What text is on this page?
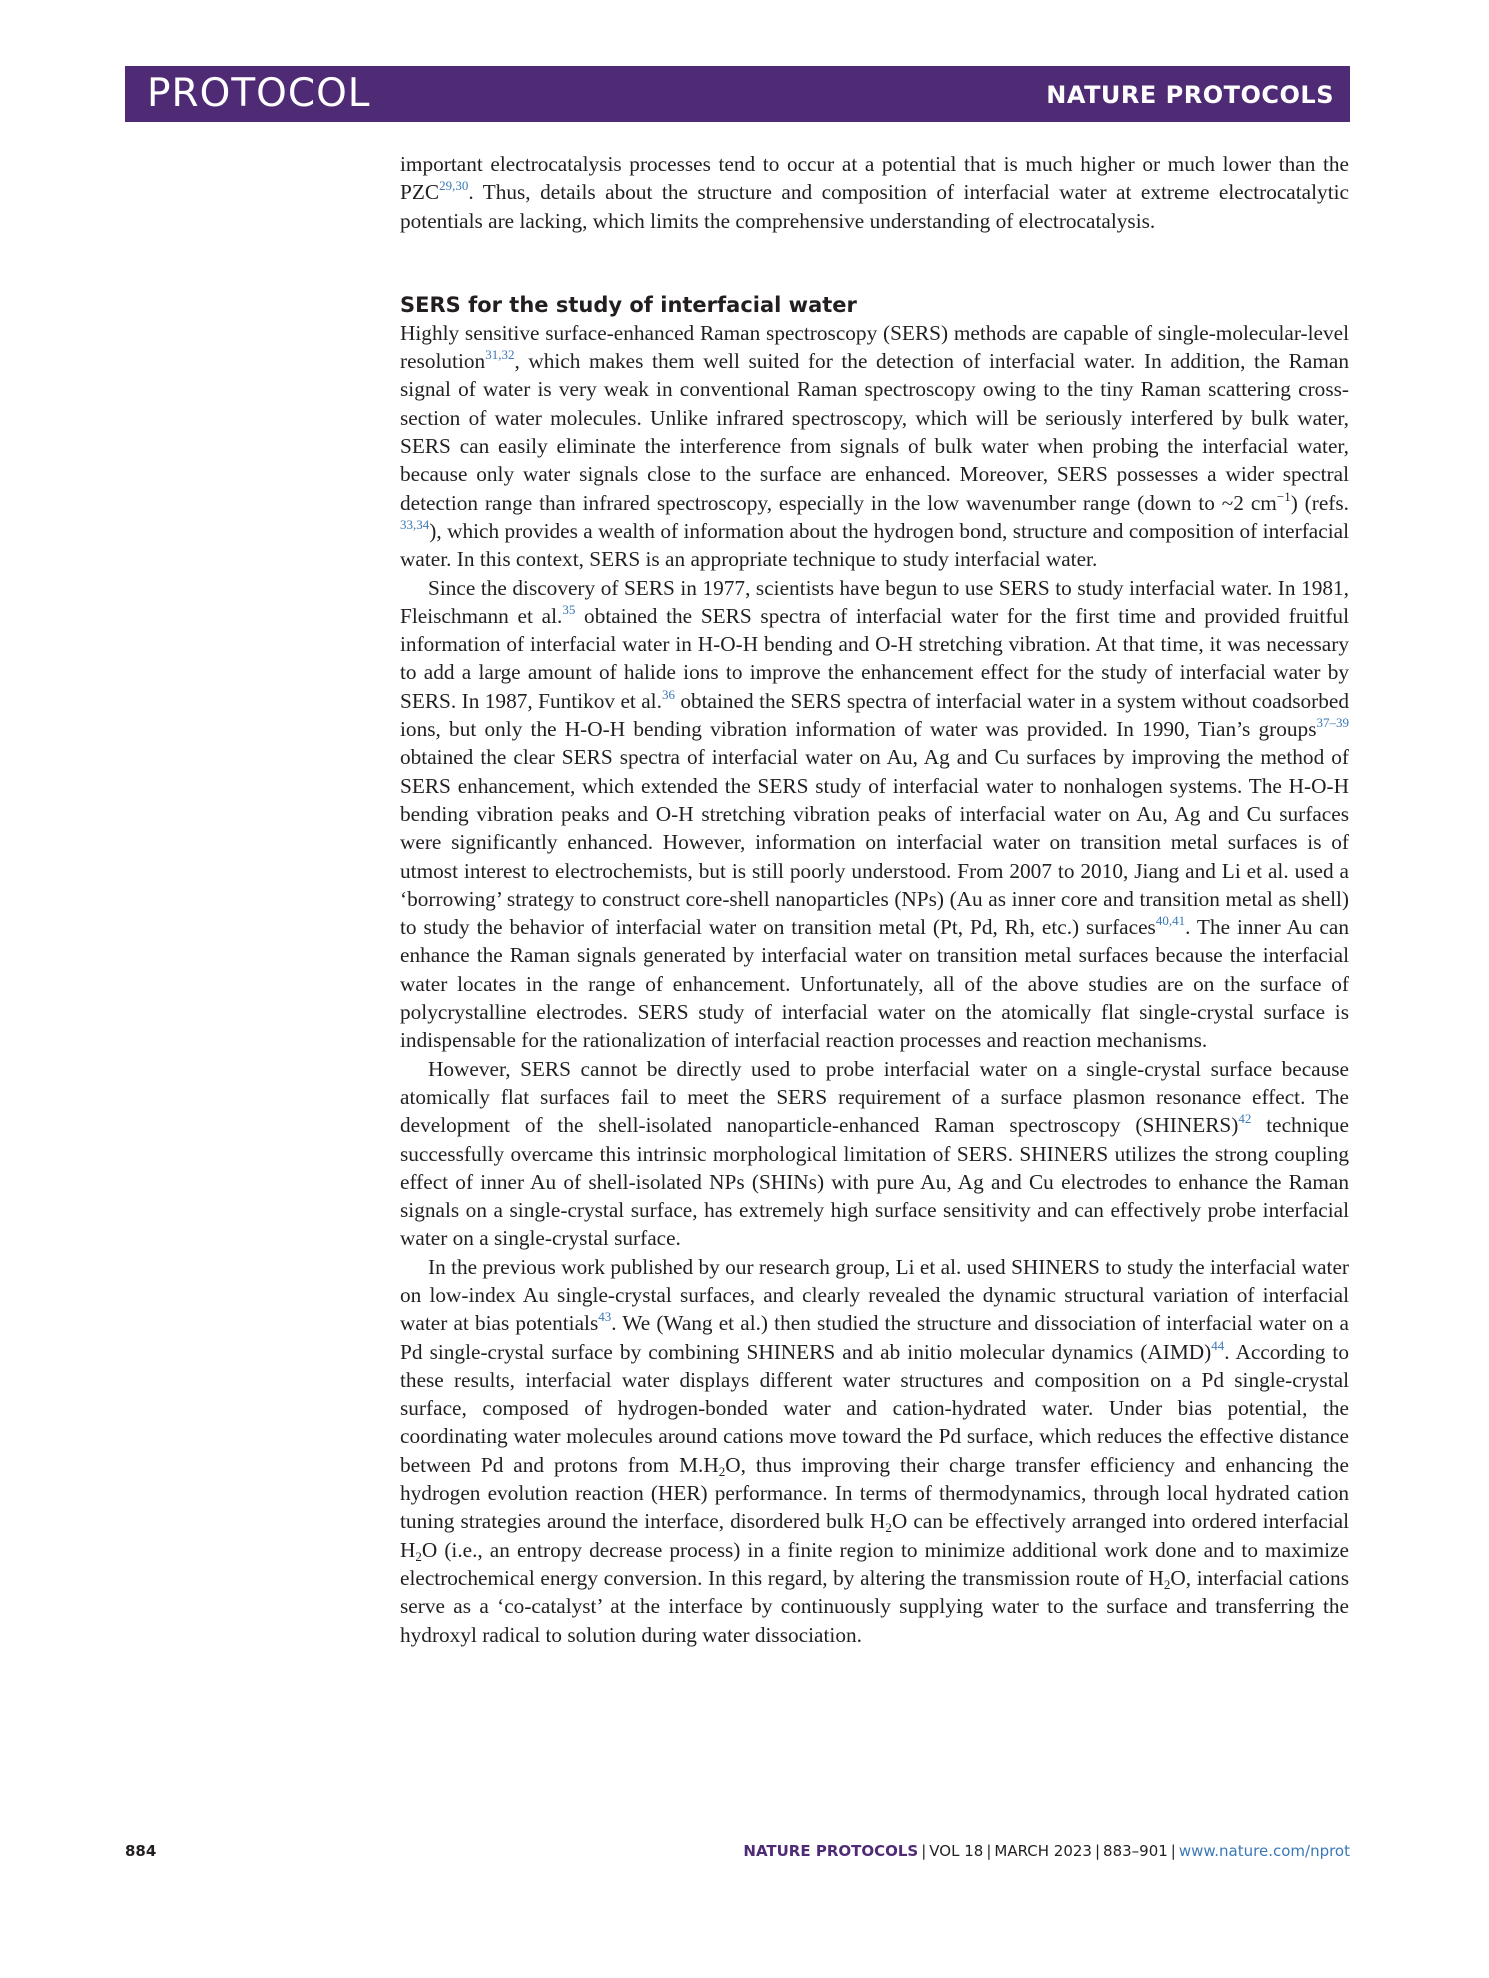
PROTOCOL	NATURE PROTOCOLS

important electrocatalysis processes tend to occur at a potential that is much higher or much lower than the PZC$^{29,30}$. Thus, details about the structure and composition of interfacial water at extreme electrocatalytic potentials are lacking, which limits the comprehensive understanding of electrocatalysis.

SERS for the study of interfacial water

Highly sensitive surface-enhanced Raman spectroscopy (SERS) methods are capable of single-molecular-level resolution$^{31,32}$, which makes them well suited for the detection of interfacial water. In addition, the Raman signal of water is very weak in conventional Raman spectroscopy owing to the tiny Raman scattering cross-section of water molecules. Unlike infrared spectroscopy, which will be seriously interfered by bulk water, SERS can easily eliminate the interference from signals of bulk water when probing the interfacial water, because only water signals close to the surface are enhanced. Moreover, SERS possesses a wider spectral detection range than infrared spectroscopy, especially in the low wavenumber range (down to ~2 $cm^{-1}$) (refs. $^{33,34}$), which provides a wealth of information about the hydrogen bond, structure and composition of interfacial water. In this context, SERS is an appropriate technique to study interfacial water.

Since the discovery of SERS in 1977, scientists have begun to use SERS to study interfacial water. In 1981, Fleischmann et al.$^{35}$ obtained the SERS spectra of interfacial water for the first time and provided fruitful information of interfacial water in H-O-H bending and O-H stretching vibration. At that time, it was necessary to add a large amount of halide ions to improve the enhancement effect for the study of interfacial water by SERS. In 1987, Funtikov et al.$^{36}$ obtained the SERS spectra of interfacial water in a system without coadsorbed ions, but only the H-O-H bending vibration information of water was provided. In 1990, Tian’s groups$^{37-39}$ obtained the clear SERS spectra of interfacial water on Au, Ag and Cu surfaces by improving the method of SERS enhancement, which extended the SERS study of interfacial water to nonhalogen systems. The H-O-H bending vibration peaks and O-H stretching vibration peaks of interfacial water on Au, Ag and Cu surfaces were significantly enhanced. However, information on interfacial water on transition metal surfaces is of utmost interest to electrochemists, but is still poorly understood. From 2007 to 2010, Jiang and Li et al. used a ‘borrowing’ strategy to construct core-shell nanoparticles (NPs) (Au as inner core and transition metal as shell) to study the behavior of interfacial water on transition metal (Pt, Pd, Rh, etc.) surfaces$^{40,41}$. The inner Au can enhance the Raman signals generated by interfacial water on transition metal surfaces because the interfacial water locates in the range of enhancement. Unfortunately, all of the above studies are on the surface of polycrystalline electrodes. SERS study of interfacial water on the atomically flat single-crystal surface is indispensable for the rationalization of interfacial reaction processes and reaction mechanisms.

However, SERS cannot be directly used to probe interfacial water on a single-crystal surface because atomically flat surfaces fail to meet the SERS requirement of a surface plasmon resonance effect. The development of the shell-isolated nanoparticle-enhanced Raman spectroscopy (SHINERS)$^{42}$ technique successfully overcame this intrinsic morphological limitation of SERS. SHINERS utilizes the strong coupling effect of inner Au of shell-isolated NPs (SHINs) with pure Au, Ag and Cu electrodes to enhance the Raman signals on a single-crystal surface, has extremely high surface sensitivity and can effectively probe interfacial water on a single-crystal surface.

In the previous work published by our research group, Li et al. used SHINERS to study the interfacial water on low-index Au single-crystal surfaces, and clearly revealed the dynamic structural variation of interfacial water at bias potentials$^{43}$. We (Wang et al.) then studied the structure and dissociation of interfacial water on a Pd single-crystal surface by combining SHINERS and ab initio molecular dynamics (AIMD)$^{44}$. According to these results, interfacial water displays different water structures and composition on a Pd single-crystal surface, composed of hydrogen-bonded water and cation-hydrated water. Under bias potential, the coordinating water molecules around cations move toward the Pd surface, which reduces the effective distance between Pd and protons from $M.H_2O$, thus improving their charge transfer efficiency and enhancing the hydrogen evolution reaction (HER) performance. In terms of thermodynamics, through local hydrated cation tuning strategies around the interface, disordered bulk $H_2O$ can be effectively arranged into ordered interfacial $H_2O$ (i.e., an entropy decrease process) in a finite region to minimize additional work done and to maximize electrochemical energy conversion. In this regard, by altering the transmission route of $H_2O$, interfacial cations serve as a ‘co-catalyst’ at the interface by continuously supplying water to the surface and transferring the hydroxyl radical to solution during water dissociation.

884	NATURE PROTOCOLS | VOL 18 | MARCH 2023 | 883–901 | www.nature.com/nprot
